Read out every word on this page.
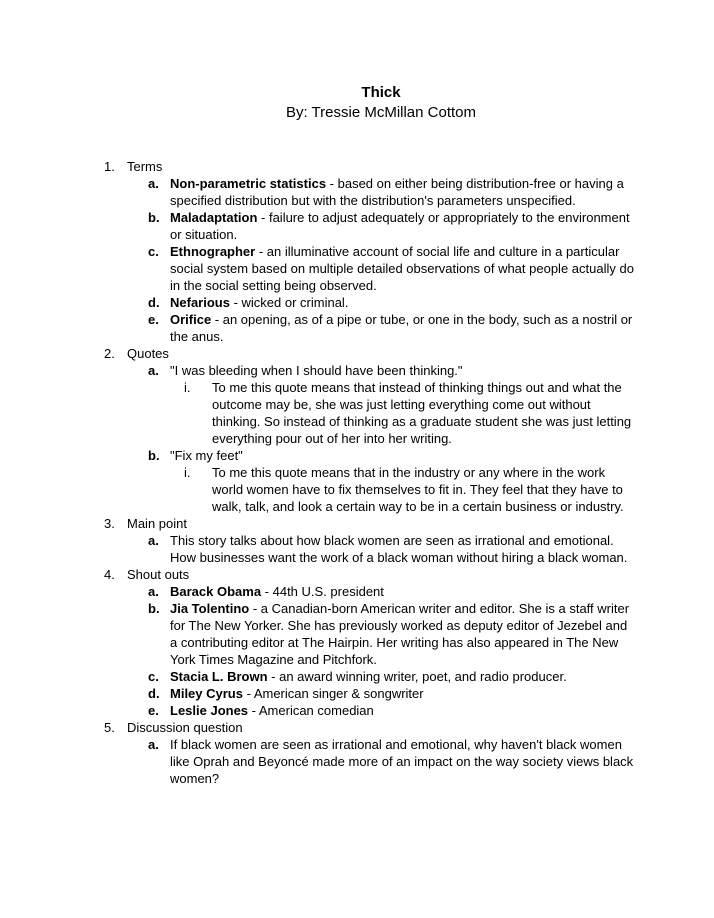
Thick
By: Tressie McMillan Cottom
1. Terms
a. Non-parametric statistics - based on either being distribution-free or having a specified distribution but with the distribution's parameters unspecified.
b. Maladaptation - failure to adjust adequately or appropriately to the environment or situation.
c. Ethnographer - an illuminative account of social life and culture in a particular social system based on multiple detailed observations of what people actually do in the social setting being observed.
d. Nefarious - wicked or criminal.
e. Orifice - an opening, as of a pipe or tube, or one in the body, such as a nostril or the anus.
2. Quotes
a. "I was bleeding when I should have been thinking."
i. To me this quote means that instead of thinking things out and what the outcome may be, she was just letting everything come out without thinking. So instead of thinking as a graduate student she was just letting everything pour out of her into her writing.
b. "Fix my feet"
i. To me this quote means that in the industry or any where in the work world women have to fix themselves to fit in. They feel that they have to walk, talk, and look a certain way to be in a certain business or industry.
3. Main point
a. This story talks about how black women are seen as irrational and emotional. How businesses want the work of a black woman without hiring a black woman.
4. Shout outs
a. Barack Obama - 44th U.S. president
b. Jia Tolentino - a Canadian-born American writer and editor. She is a staff writer for The New Yorker. She has previously worked as deputy editor of Jezebel and a contributing editor at The Hairpin. Her writing has also appeared in The New York Times Magazine and Pitchfork.
c. Stacia L. Brown - an award winning writer, poet, and radio producer.
d. Miley Cyrus - American singer & songwriter
e. Leslie Jones - American comedian
5. Discussion question
a. If black women are seen as irrational and emotional, why haven't black women like Oprah and Beyoncé made more of an impact on the way society views black women?
